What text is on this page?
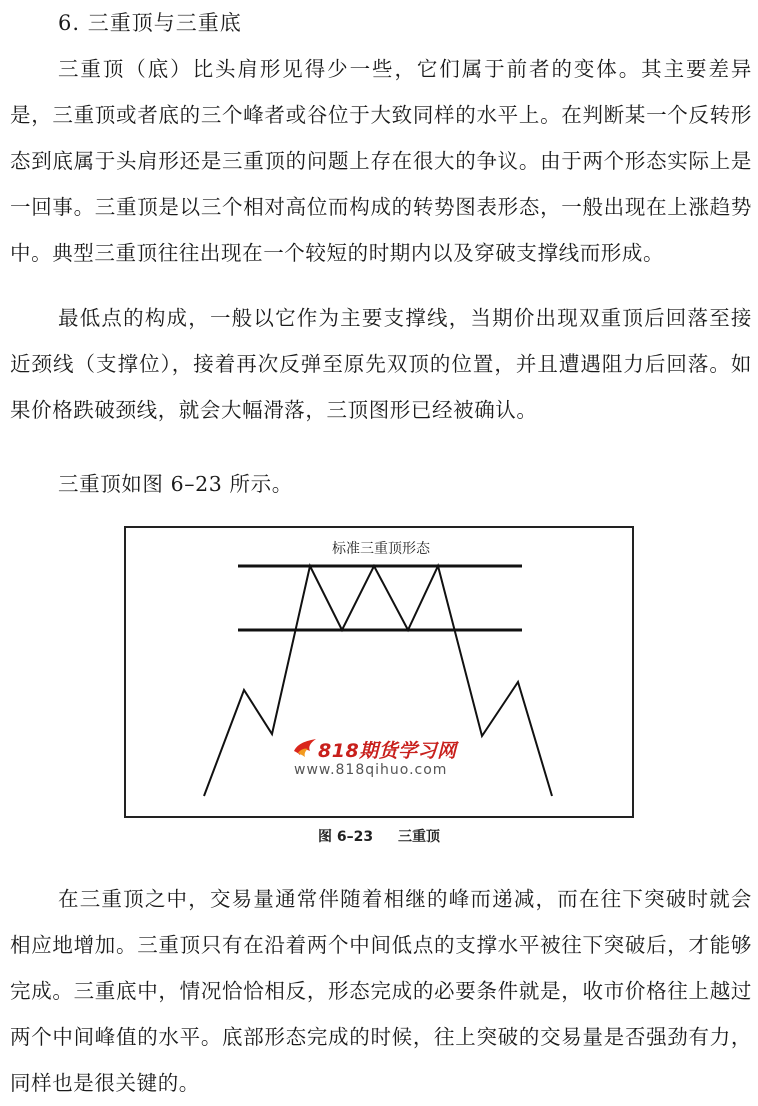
6. 三重顶与三重底

三重顶（底）比头肩形见得少一些，它们属于前者的变体。其主要差异是，三重顶或者底的三个峰者或谷位于大致同样的水平上。在判断某一个反转形态到底属于头肩形还是三重顶的问题上存在很大的争议。由于两个形态实际上是一回事。三重顶是以三个相对高位而构成的转势图表形态，一般出现在上涨趋势中。典型三重顶往往出现在一个较短的时期内以及穿破支撑线而形成。

最低点的构成，一般以它作为主要支撑线，当期价出现双重顶后回落至接近颈线（支撑位），接着再次反弹至原先双顶的位置，并且遭遇阻力后回落。如果价格跌破颈线，就会大幅滑落，三顶图形已经被确认。

三重顶如图 6–23 所示。

标准三重顶形态
818期货学习网
www.818qihuo.com
图 6–23 三重顶

在三重顶之中，交易量通常伴随着相继的峰而递减，而在往下突破时就会相应地增加。三重顶只有在沿着两个中间低点的支撑水平被往下突破后，才能够完成。三重底中，情况恰恰相反，形态完成的必要条件就是，收市价格往上越过两个中间峰值的水平。底部形态完成的时候，往上突破的交易量是否强劲有力，同样也是很关键的。
